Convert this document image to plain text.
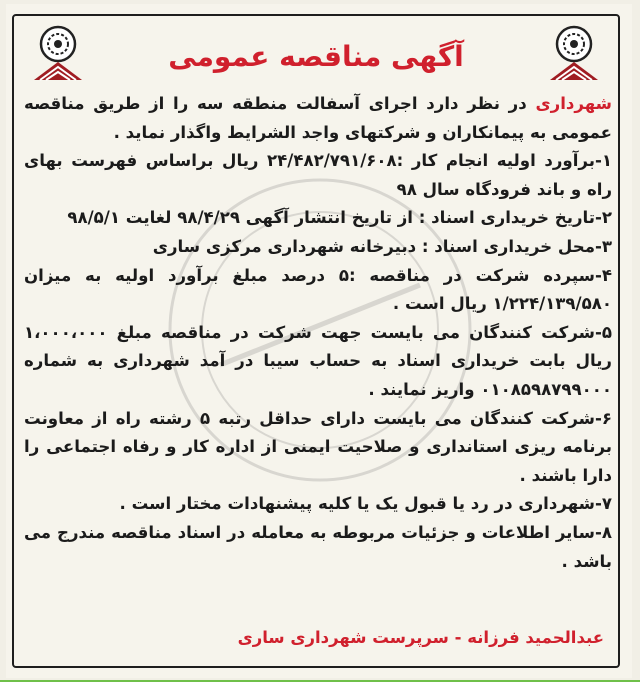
آگهی مناقصه عمومی

شهرداری در نظر دارد اجرای آسفالت منطقه سه را از طریق مناقصه عمومی به پیمانکاران و شرکتهای واجد الشرایط واگذار نماید .

۱-برآورد اولیه انجام کار :۲۴/۴۸۲/۷۹۱/۶۰۸ ریال براساس فهرست بهای راه و باند فرودگاه سال ۹۸

۲-تاریخ خریداری اسناد : از تاریخ انتشار آگهی ۹۸/۴/۲۹ لغایت ۹۸/۵/۱

۳-محل خریداری اسناد : دبیرخانه شهرداری مرکزی ساری

۴-سپرده شرکت در مناقصه :۵ درصد مبلغ برآورد اولیه به میزان ۱/۲۲۴/۱۳۹/۵۸۰ ریال است .

۵-شرکت کنندگان می بایست جهت شرکت در مناقصه مبلغ ۱،۰۰۰،۰۰۰ ریال بابت خریداری اسناد به حساب سیبا در آمد شهرداری به شماره ۰۱۰۸۵۹۸۷۹۹۰۰۰ واریز نمایند .

۶-شرکت کنندگان می بایست دارای حداقل رتبه ۵ رشته راه از معاونت برنامه ریزی استانداری و صلاحیت ایمنی از اداره کار و رفاه اجتماعی را دارا باشند .

۷-شهرداری در رد یا قبول یک یا کلیه پیشنهادات مختار است .

۸-سایر اطلاعات و جزئیات مربوطه به معامله در اسناد مناقصه مندرج می باشد .

عبدالحمید فرزانه - سرپرست شهرداری ساری
